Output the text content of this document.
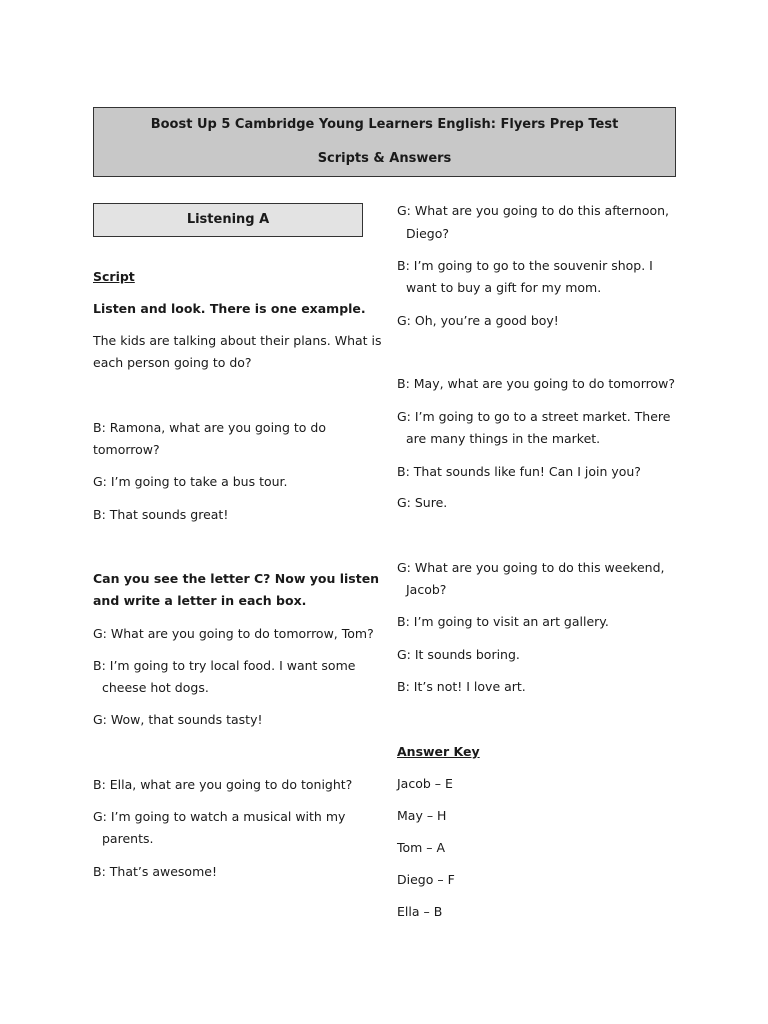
Boost Up 5 Cambridge Young Learners English: Flyers Prep Test
Scripts & Answers
Listening A
Script
Listen and look. There is one example.
The kids are talking about their plans. What is
each person going to do?
B: Ramona, what are you going to do
tomorrow?
G: I’m going to take a bus tour.
B: That sounds great!
Can you see the letter C? Now you listen
and write a letter in each box.
G: What are you going to do tomorrow, Tom?
B: I’m going to try local food. I want some
cheese hot dogs.
G: Wow, that sounds tasty!
B: Ella, what are you going to do tonight?
G: I’m going to watch a musical with my
parents.
B: That’s awesome!
G: What are you going to do this afternoon,
Diego?
B: I’m going to go to the souvenir shop. I
want to buy a gift for my mom.
G: Oh, you’re a good boy!
B: May, what are you going to do tomorrow?
G: I’m going to go to a street market. There
are many things in the market.
B: That sounds like fun! Can I join you?
G: Sure.
G: What are you going to do this weekend,
Jacob?
B: I’m going to visit an art gallery.
G: It sounds boring.
B: It’s not! I love art.
Answer Key
Jacob – E
May – H
Tom – A
Diego – F
Ella – B
